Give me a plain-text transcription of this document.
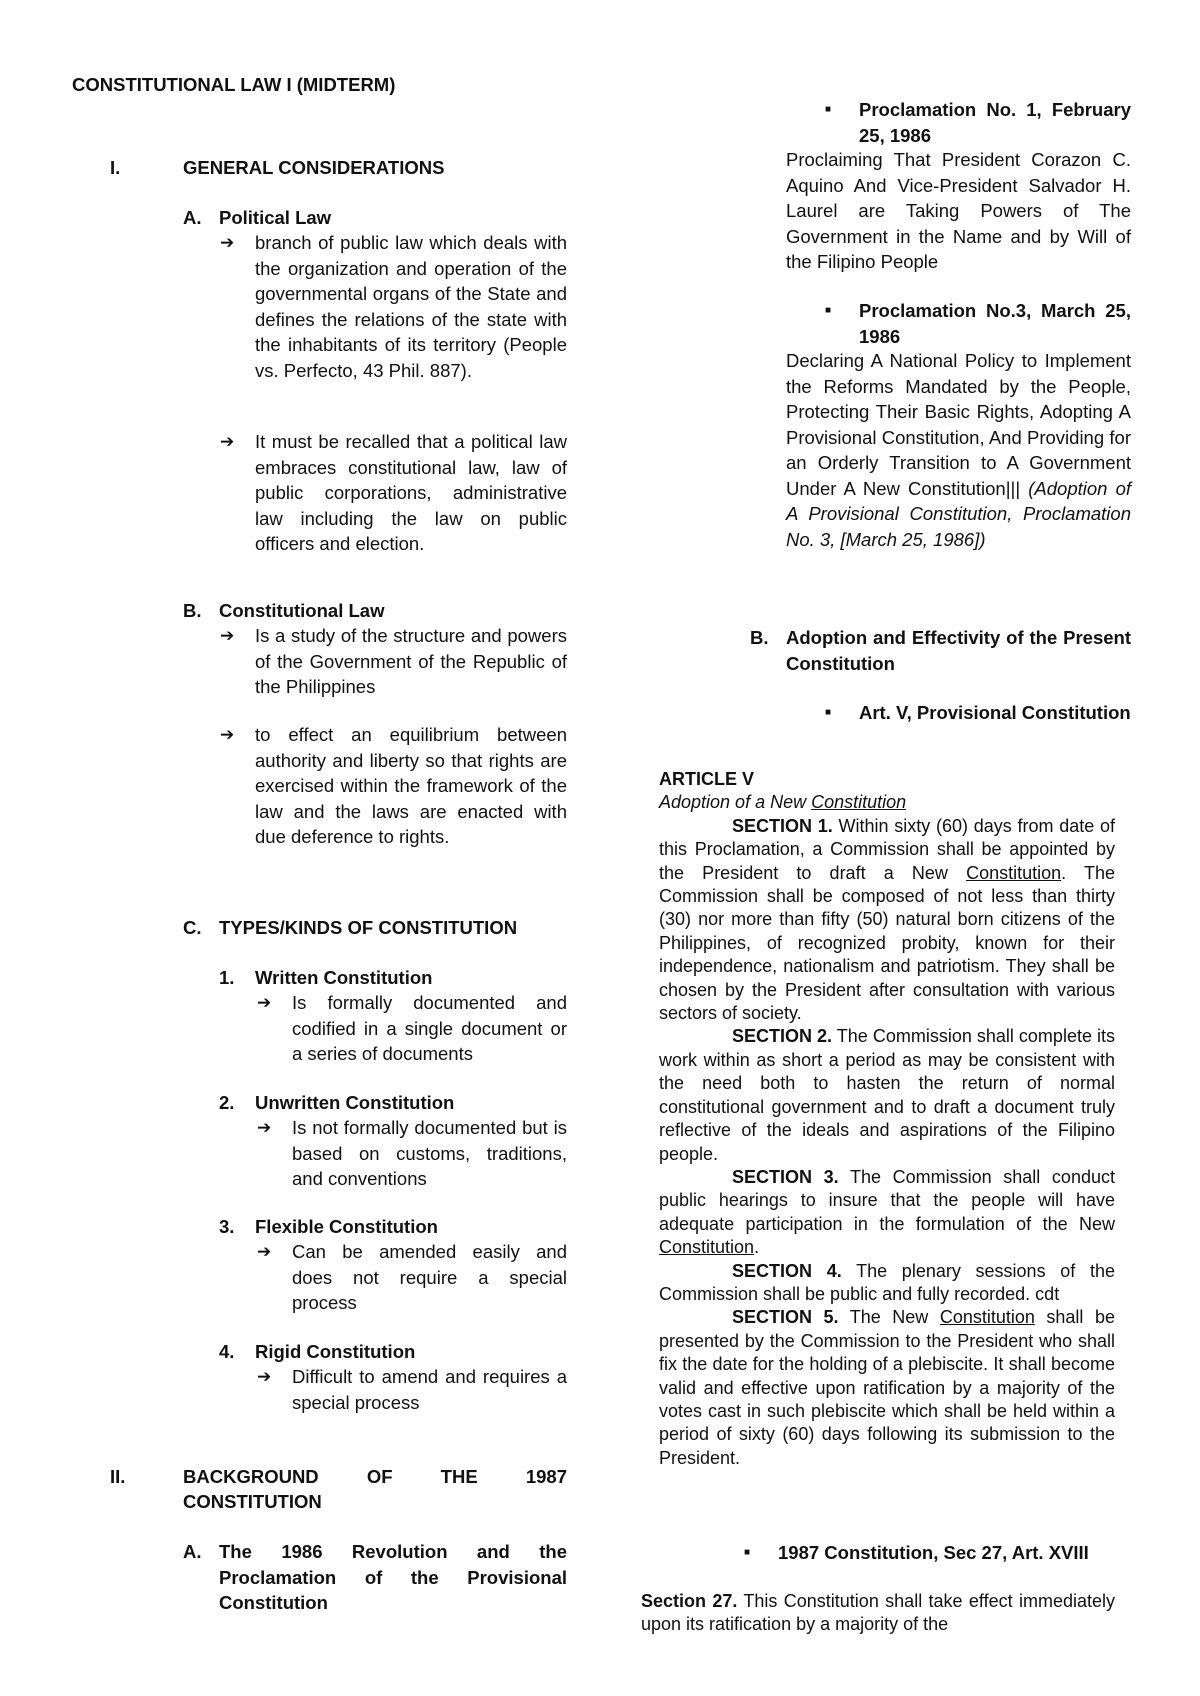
CONSTITUTIONAL LAW I (MIDTERM)
I.	GENERAL CONSIDERATIONS
A. Political Law
➔ branch of public law which deals with the organization and operation of the governmental organs of the State and defines the relations of the state with the inhabitants of its territory (People vs. Perfecto, 43 Phil. 887).
➔ It must be recalled that a political law embraces constitutional law, law of public corporations, administrative law including the law on public officers and election.
B. Constitutional Law
➔ Is a study of the structure and powers of the Government of the Republic of the Philippines
➔ to effect an equilibrium between authority and liberty so that rights are exercised within the framework of the law and the laws are enacted with due deference to rights.
C. TYPES/KINDS OF CONSTITUTION
1. Written Constitution
➔ Is formally documented and codified in a single document or a series of documents
2. Unwritten Constitution
➔ Is not formally documented but is based on customs, traditions, and conventions
3. Flexible Constitution
➔ Can be amended easily and does not require a special process
4. Rigid Constitution
➔ Difficult to amend and requires a special process
II.	BACKGROUND OF THE 1987
CONSTITUTION
A. The 1986 Revolution and the Proclamation of the Provisional Constitution
■ Proclamation No. 1, February 25, 1986
Proclaiming That President Corazon C. Aquino And Vice-President Salvador H. Laurel are Taking Powers of The Government in the Name and by Will of the Filipino People
■ Proclamation No.3, March 25, 1986
Declaring A National Policy to Implement the Reforms Mandated by the People, Protecting Their Basic Rights, Adopting A Provisional Constitution, And Providing for an Orderly Transition to A Government Under A New Constitution||| (Adoption of A Provisional Constitution, Proclamation No. 3, [March 25, 1986])
B. Adoption and Effectivity of the Present Constitution
■ Art. V, Provisional Constitution

ARTICLE V

Adoption of a New Constitution

SECTION 1. Within sixty (60) days from date of this Proclamation, a Commission shall be appointed by the President to draft a New Constitution. The Commission shall be composed of not less than thirty (30) nor more than fifty (50) natural born citizens of the Philippines, of recognized probity, known for their independence, nationalism and patriotism. They shall be chosen by the President after consultation with various sectors of society.

SECTION 2. The Commission shall complete its work within as short a period as may be consistent with the need both to hasten the return of normal constitutional government and to draft a document truly reflective of the ideals and aspirations of the Filipino people.

SECTION 3. The Commission shall conduct public hearings to insure that the people will have adequate participation in the formulation of the New Constitution.

SECTION 4. The plenary sessions of the Commission shall be public and fully recorded. cdt

SECTION 5. The New Constitution shall be presented by the Commission to the President who shall fix the date for the holding of a plebiscite. It shall become valid and effective upon ratification by a majority of the votes cast in such plebiscite which shall be held within a period of sixty (60) days following its submission to the President.

■ 1987 Constitution, Sec 27, Art. XVIII
Section 27. This Constitution shall take effect immediately upon its ratification by a majority of the
